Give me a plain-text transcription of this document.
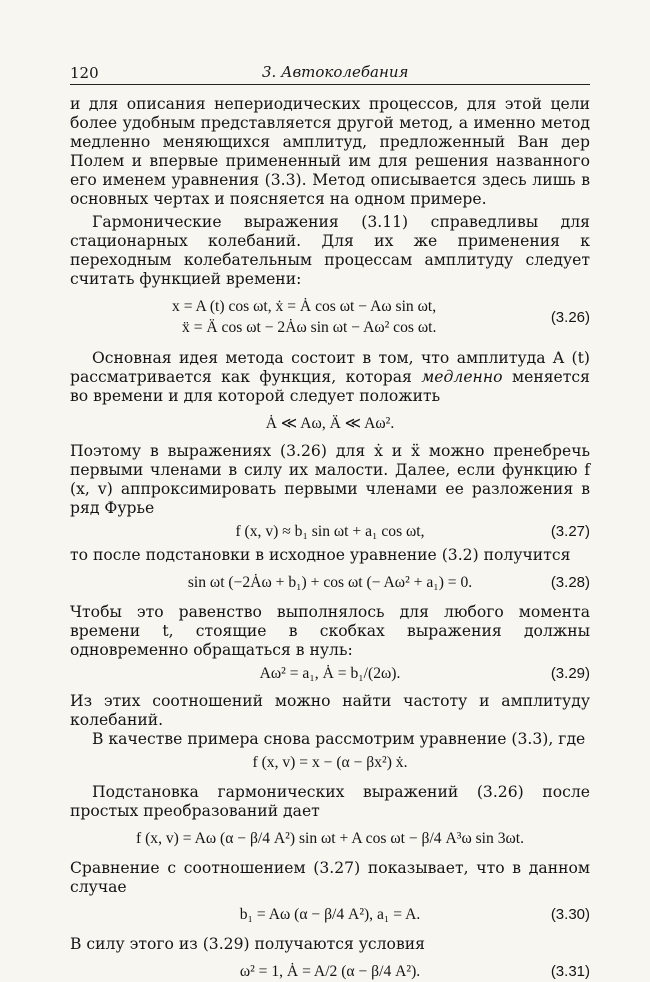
120	3. Автоколебания

и для описания непериодических процессов, для этой цели более удобным представляется другой метод, а именно метод медленно меняющихся амплитуд, предложенный Ван дер Полем и впервые примененный им для решения названного его именем уравнения (3.3). Метод описывается здесь лишь в основных чертах и поясняется на одном примере.

Гармонические выражения (3.11) справедливы для стационарных колебаний. Для их же применения к переходным колебательным процессам амплитуду следует считать функцией времени:

x = A (t) cos ωt, ẋ = Ȧ cos ωt − Aω sin ωt,
ẍ = Ä cos ωt − 2Ȧω sin ωt − Aω² cos ωt.
(3.26)

Основная идея метода состоит в том, что амплитуда A (t) рассматривается как функция, которая медленно меняется во времени и для которой следует положить

Ȧ ≪ Aω, Ä ≪ Aω².

Поэтому в выражениях (3.26) для ẋ и ẍ можно пренебречь первыми членами в силу их малости. Далее, если функцию f (x, v) аппроксимировать первыми членами ее разложения в ряд Фурье

f (x, v) ≈ b₁ sin ωt + a₁ cos ωt,	(3.27)

то после подстановки в исходное уравнение (3.2) получится

sin ωt (−2Ȧω + b₁) + cos ωt (− Aω² + a₁) = 0.	(3.28)

Чтобы это равенство выполнялось для любого момента времени t, стоящие в скобках выражения должны одновременно обращаться в нуль:

Aω² = a₁, Ȧ = b₁/(2ω).	(3.29)

Из этих соотношений можно найти частоту и амплитуду колебаний.

В качестве примера снова рассмотрим уравнение (3.3), где

f (x, v) = x − (α − βx²) ẋ.

Подстановка гармонических выражений (3.26) после простых преобразований дает

f (x, v) = Aω (α − β/4 A²) sin ωt + A cos ωt − β/4 A³ω sin 3ωt.

Сравнение с соотношением (3.27) показывает, что в данном случае

b₁ = Aω (α − β/4 A²), a₁ = A.	(3.30)

В силу этого из (3.29) получаются условия

ω² = 1, Ȧ = A/2 (α − β/4 A²).	(3.31)
